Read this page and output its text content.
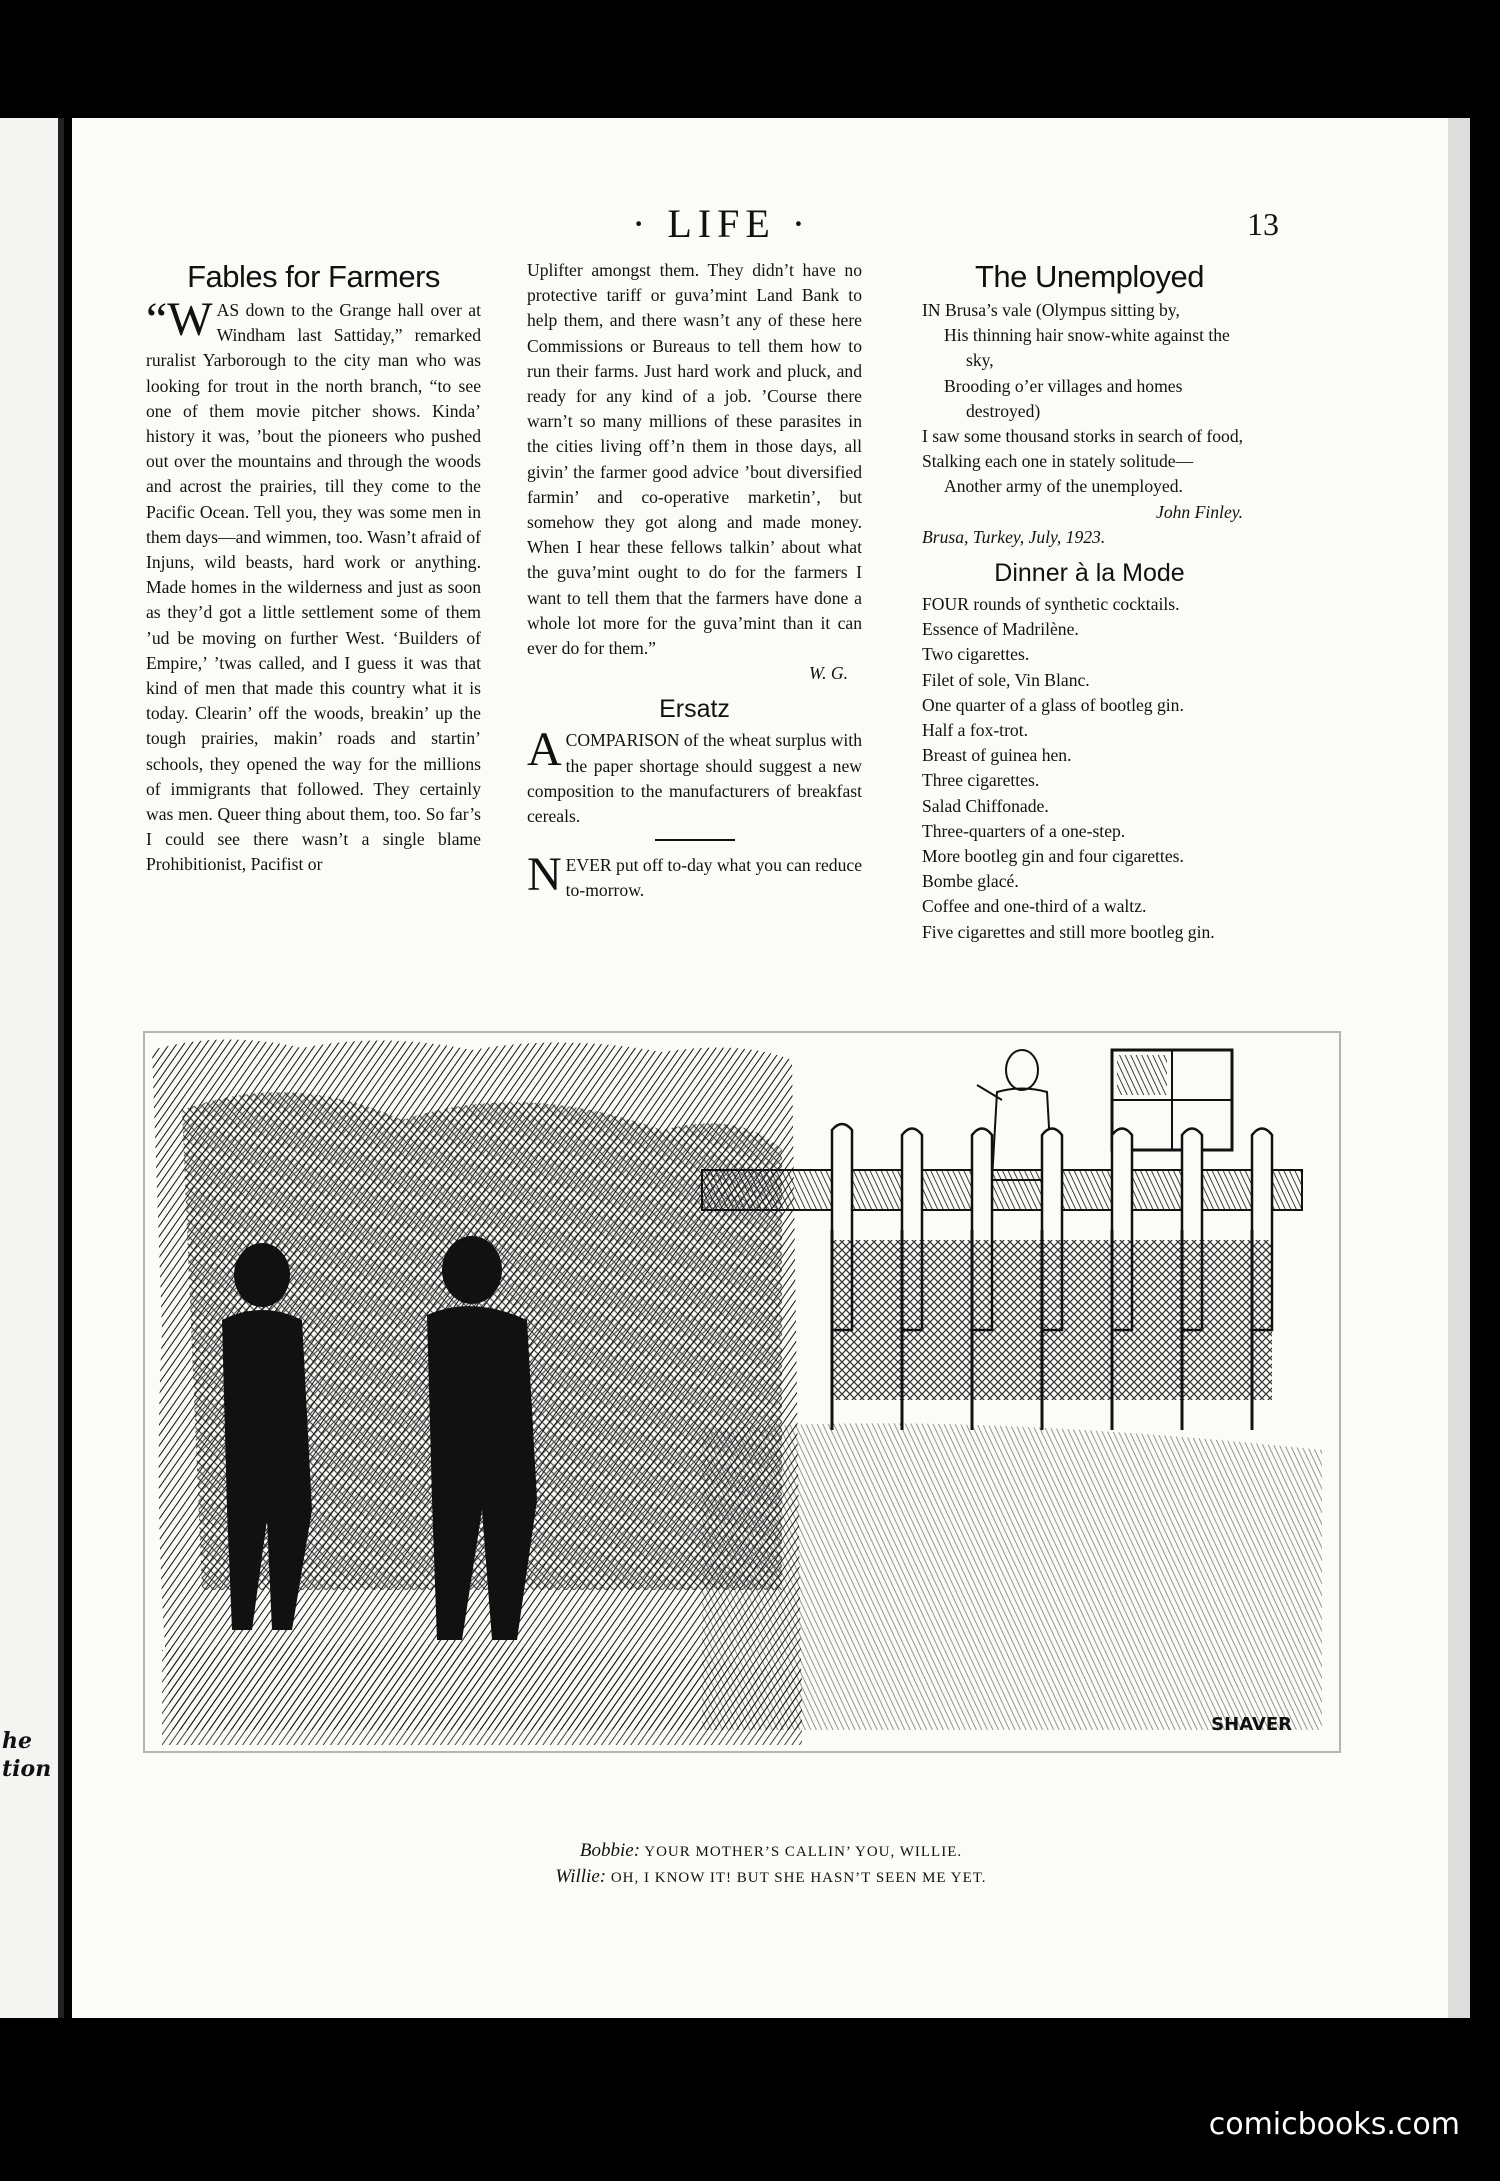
he
tion
· LIFE ·	13
Fables for Farmers

“WAS down to the Grange hall over at Windham last Sattiday,” remarked ruralist Yarborough to the city man who was looking for trout in the north branch, “to see one of them movie pitcher shows. Kinda’ history it was, ’bout the pioneers who pushed out over the mountains and through the woods and acrost the prairies, till they come to the Pacific Ocean. Tell you, they was some men in them days—and wimmen, too. Wasn’t afraid of Injuns, wild beasts, hard work or anything. Made homes in the wilderness and just as soon as they’d got a little settlement some of them ’ud be moving on further West. ‘Builders of Empire,’ ’twas called, and I guess it was that kind of men that made this country what it is today. Clearin’ off the woods, breakin’ up the tough prairies, makin’ roads and startin’ schools, they opened the way for the millions of immigrants that followed. They certainly was men. Queer thing about them, too. So far’s I could see there wasn’t a single blame Prohibitionist, Pacifist or

Uplifter amongst them. They didn’t have no protective tariff or guva’mint Land Bank to help them, and there wasn’t any of these here Commissions or Bureaus to tell them how to run their farms. Just hard work and pluck, and ready for any kind of a job. ’Course there warn’t so many millions of these parasites in the cities living off’n them in those days, all givin’ the farmer good advice ’bout diversified farmin’ and co-operative marketin’, but somehow they got along and made money. When I hear these fellows talkin’ about what the guva’mint ought to do for the farmers I want to tell them that the farmers have done a whole lot more for the guva’mint than it can ever do for them.”

W. G.
Ersatz

ACOMPARISON of the wheat surplus with the paper shortage should suggest a new composition to the manufacturers of breakfast cereals.

NEVER put off to-day what you can reduce to-morrow.

The Unemployed

IN Brusa’s vale (Olympus sitting by,

His thinning hair snow-white against the sky,

Brooding o’er villages and homes destroyed)

I saw some thousand storks in search of food,

Stalking each one in stately solitude—

Another army of the unemployed.

John Finley.
Brusa, Turkey, July, 1923.
Dinner à la Mode

FOUR rounds of synthetic cocktails.

Essence of Madrilène.

Two cigarettes.

Filet of sole, Vin Blanc.

One quarter of a glass of bootleg gin.

Half a fox-trot.

Breast of guinea hen.

Three cigarettes.

Salad Chiffonade.

Three-quarters of a one-step.

More bootleg gin and four cigarettes.

Bombe glacé.

Coffee and one-third of a waltz.

Five cigarettes and still more bootleg gin.

SHAVER
Bobbie: YOUR MOTHER’S CALLIN’ YOU, WILLIE.
Willie: OH, I KNOW IT! BUT SHE HASN’T SEEN ME YET.
comicbooks.com
